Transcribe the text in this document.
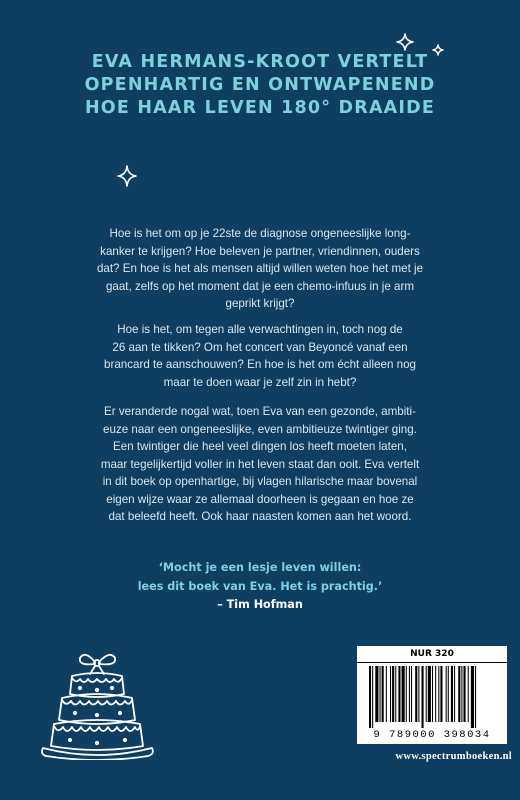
EVA HERMANS-KROOT VERTELT
OPENHARTIG EN ONTWAPENEND
HOE HAAR LEVEN 180° DRAAIDE
Hoe is het om op je 22ste de diagnose ongeneeslijke long-
kanker te krijgen? Hoe beleven je partner, vriendinnen, ouders
dat? En hoe is het als mensen altijd willen weten hoe het met je
gaat, zelfs op het moment dat je een chemo-infuus in je arm
geprikt krijgt?
Hoe is het, om tegen alle verwachtingen in, toch nog de
26 aan te tikken? Om het concert van Beyoncé vanaf een
brancard te aanschouwen? En hoe is het om écht alleen nog
maar te doen waar je zelf zin in hebt?
Er veranderde nogal wat, toen Eva van een gezonde, ambiti-
euze naar een ongeneeslijke, even ambitieuze twintiger ging.
Een twintiger die heel veel dingen los heeft moeten laten,
maar tegelijkertijd voller in het leven staat dan ooit. Eva vertelt
in dit boek op openhartige, bij vlagen hilarische maar bovenal
eigen wijze waar ze allemaal doorheen is gegaan en hoe ze
dat beleefd heeft. Ook haar naasten komen aan het woord.
‘Mocht je een lesje leven willen:
lees dit boek van Eva. Het is prachtig.’
– Tim Hofman
NUR 320
9 789000 398034
www.spectrumboeken.nl
